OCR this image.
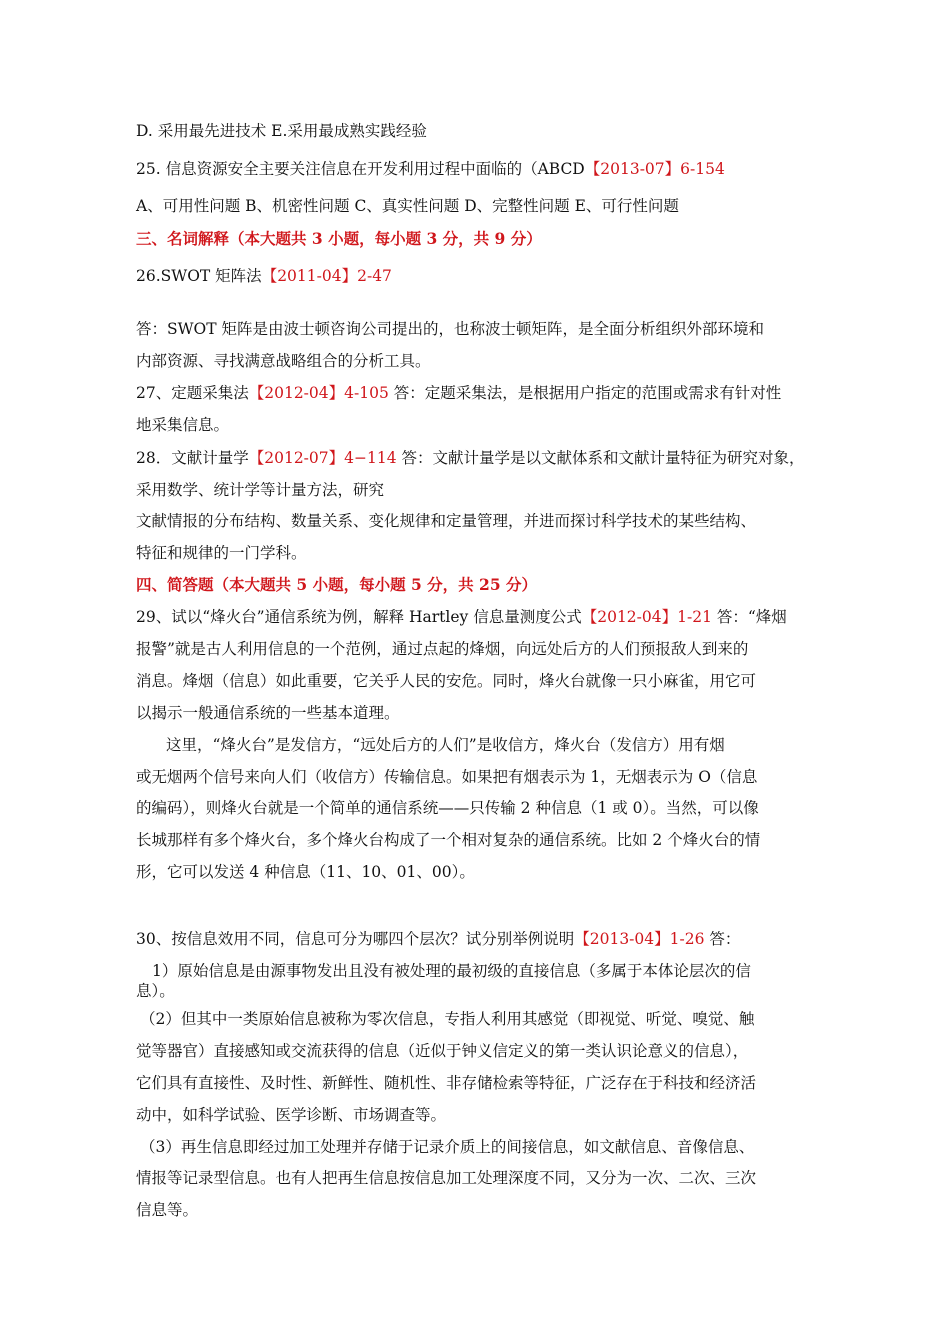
D. 采用最先进技术 E.采用最成熟实践经验
25. 信息资源安全主要关注信息在开发利用过程中面临的（ABCD【2013-07】6-154
A、可用性问题 B、机密性问题 C、真实性问题 D、完整性问题 E、可行性问题
三、名词解释（本大题共 3 小题，每小题 3 分，共 9 分）
26.SWOT 矩阵法【2011-04】2-47
答：SWOT 矩阵是由波士顿咨询公司提出的，也称波士顿矩阵，是全面分析组织外部环境和
内部资源、寻找满意战略组合的分析工具。
27、定题采集法【2012-04】4-105 答：定题采集法，是根据用户指定的范围或需求有针对性
地采集信息。
28．文献计量学【2012-07】4−114 答：文献计量学是以文献体系和文献计量特征为研究对象，
采用数学、统计学等计量方法，研究
文献情报的分布结构、数量关系、变化规律和定量管理，并进而探讨科学技术的某些结构、
特征和规律的一门学科。
四、简答题（本大题共 5 小题，每小题 5 分，共 25 分）
29、试以“烽火台”通信系统为例，解释 Hartley 信息量测度公式【2012-04】1-21 答：“烽烟
报警”就是古人利用信息的一个范例，通过点起的烽烟，向远处后方的人们预报敌人到来的
消息。烽烟（信息）如此重要，它关乎人民的安危。同时，烽火台就像一只小麻雀，用它可
以揭示一般通信系统的一些基本道理。
这里，“烽火台”是发信方，“远处后方的人们”是收信方，烽火台（发信方）用有烟
或无烟两个信号来向人们（收信方）传输信息。如果把有烟表示为 1，无烟表示为 O（信息
的编码），则烽火台就是一个简单的通信系统——只传输 2 种信息（1 或 0）。当然，可以像
长城那样有多个烽火台，多个烽火台构成了一个相对复杂的通信系统。比如 2 个烽火台的情
形，它可以发送 4 种信息（11、10、01、00）。
30、按信息效用不同，信息可分为哪四个层次？试分别举例说明【2013-04】1-26 答：
1）原始信息是由源事物发出且没有被处理的最初级的直接信息（多属于本体论层次的信
息）。
（2）但其中一类原始信息被称为零次信息，专指人利用其感觉（即视觉、听觉、嗅觉、触
觉等器官）直接感知或交流获得的信息（近似于钟义信定义的第一类认识论意义的信息），
它们具有直接性、及时性、新鲜性、随机性、非存储检索等特征，广泛存在于科技和经济活
动中，如科学试验、医学诊断、市场调查等。
（3）再生信息即经过加工处理并存储于记录介质上的间接信息，如文献信息、音像信息、
情报等记录型信息。也有人把再生信息按信息加工处理深度不同，又分为一次、二次、三次
信息等。
